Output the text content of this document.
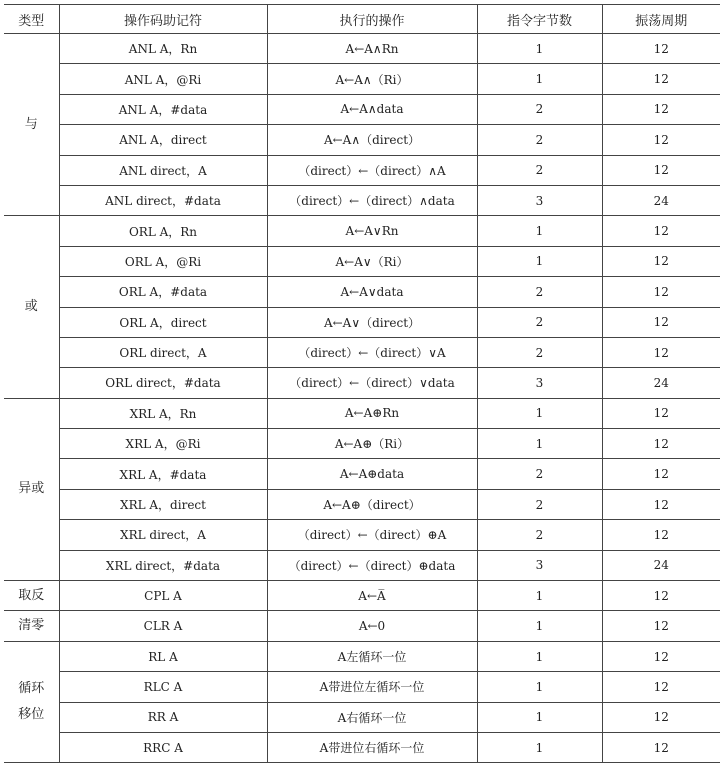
类型	操作码助记符	执行的操作	指令字节数	振荡周期
与	ANL A，Rn	A←A∧Rn	1	12
	ANL A，@Ri	A←A∧（Ri）	1	12
	ANL A，#data	A←A∧data	2	12
	ANL A，direct	A←A∧（direct）	2	12
	ANL direct，A	（direct）←（direct）∧A	2	12
	ANL direct，#data	（direct）←（direct）∧data	3	24
或	ORL A，Rn	A←A∨Rn	1	12
	ORL A，@Ri	A←A∨（Ri）	1	12
	ORL A，#data	A←A∨data	2	12
	ORL A，direct	A←A∨（direct）	2	12
	ORL direct，A	（direct）←（direct）∨A	2	12
	ORL direct，#data	（direct）←（direct）∨data	3	24
异或	XRL A，Rn	A←A⊕Rn	1	12
	XRL A，@Ri	A←A⊕（Ri）	1	12
	XRL A，#data	A←A⊕data	2	12
	XRL A，direct	A←A⊕（direct）	2	12
	XRL direct，A	（direct）←（direct）⊕A	2	12
	XRL direct，#data	（direct）←（direct）⊕data	3	24
取反	CPL A	A←A̅	1	12
清零	CLR A	A←0	1	12
循环移位	RL A	A左循环一位	1	12
	RLC A	A带进位左循环一位	1	12
	RR A	A右循环一位	1	12
	RRC A	A带进位右循环一位	1	12
